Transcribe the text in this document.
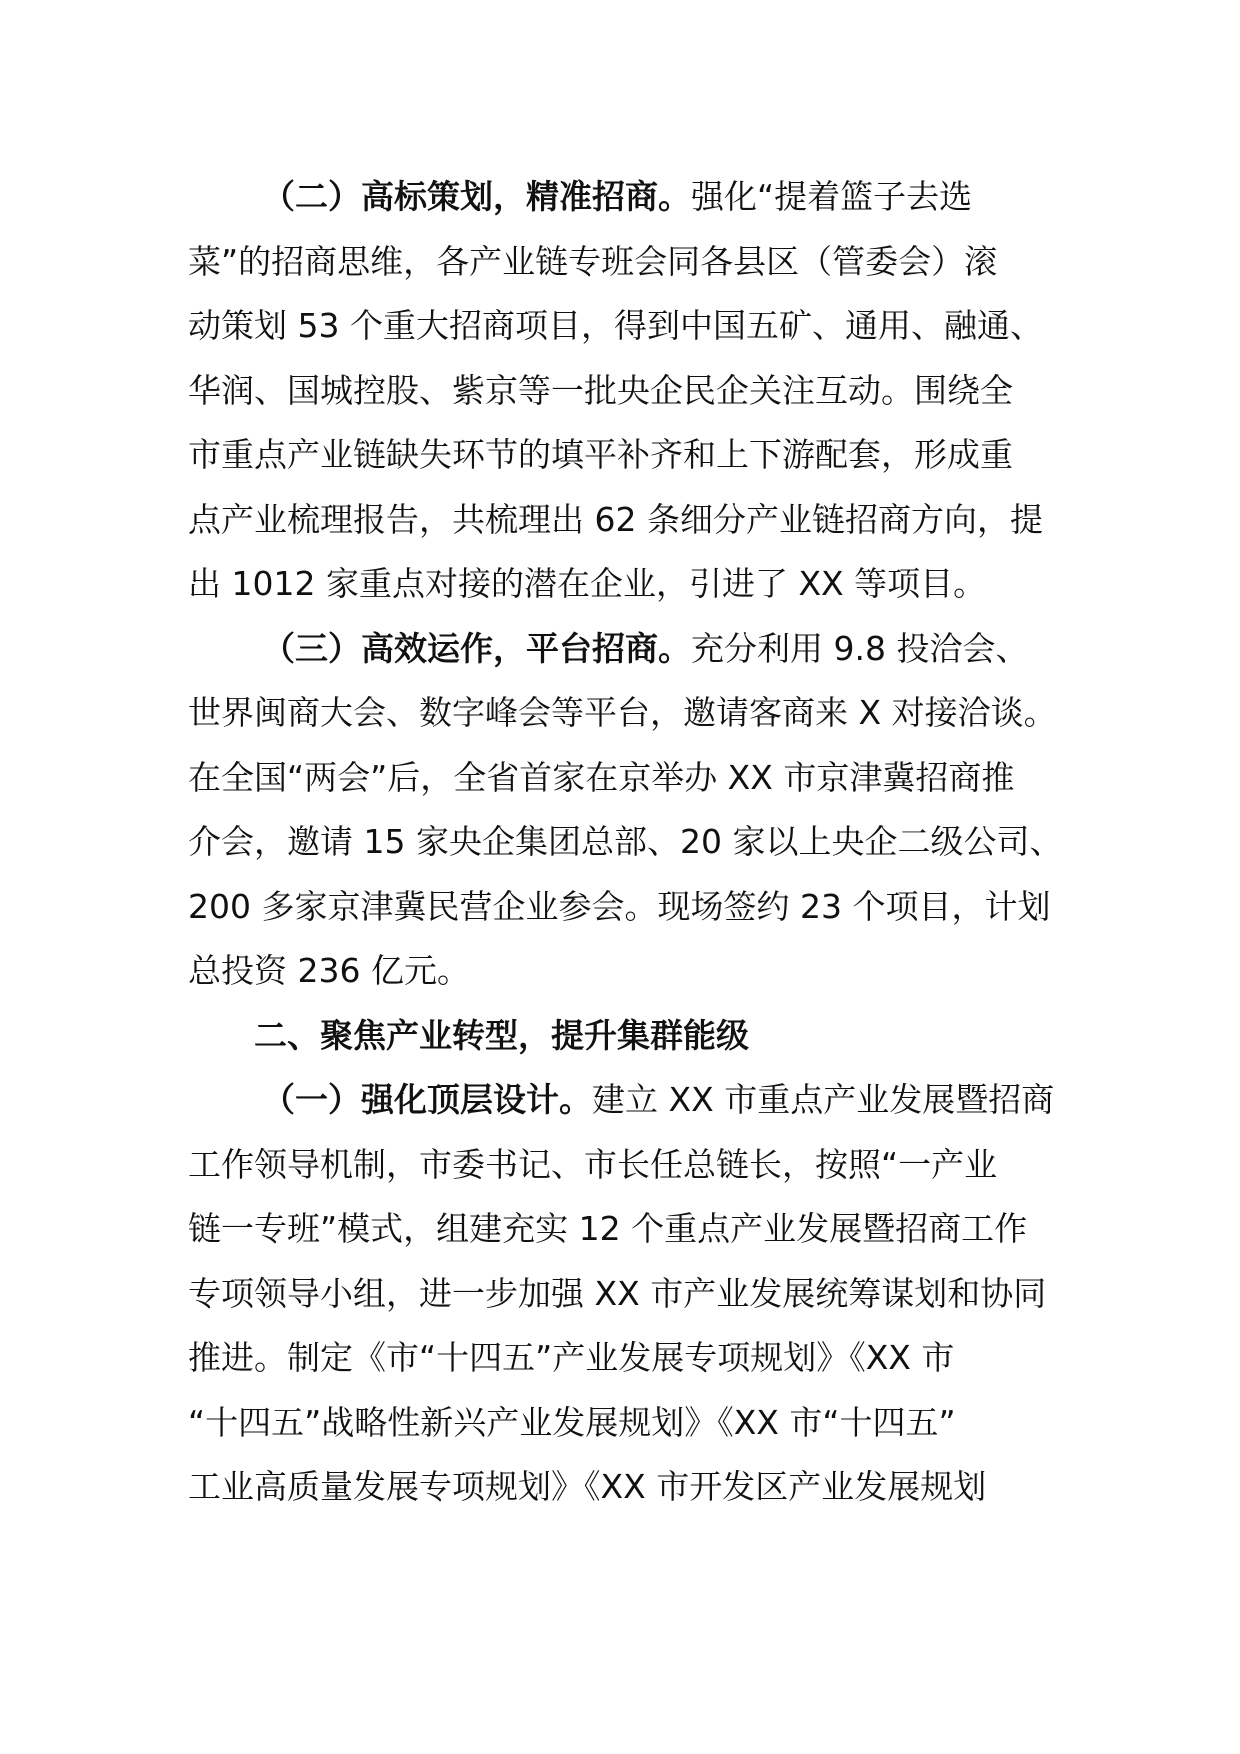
（二）高标策划，精准招商。强化“提着篮子去选
菜”的招商思维，各产业链专班会同各县区（管委会）滚
动策划 53 个重大招商项目，得到中国五矿、通用、融通、
华润、国城控股、紫京等一批央企民企关注互动。围绕全
市重点产业链缺失环节的填平补齐和上下游配套，形成重
点产业梳理报告，共梳理出 62 条细分产业链招商方向，提
出 1012 家重点对接的潜在企业，引进了 XX 等项目。
（三）高效运作，平台招商。充分利用 9.8 投洽会、
世界闽商大会、数字峰会等平台，邀请客商来 X 对接洽谈。
在全国“两会”后，全省首家在京举办 XX 市京津冀招商推
介会，邀请 15 家央企集团总部、20 家以上央企二级公司、
200 多家京津冀民营企业参会。现场签约 23 个项目，计划
总投资 236 亿元。
二、聚焦产业转型，提升集群能级
（一）强化顶层设计。建立 XX 市重点产业发展暨招商
工作领导机制，市委书记、市长任总链长，按照“一产业
链一专班”模式，组建充实 12 个重点产业发展暨招商工作
专项领导小组，进一步加强 XX 市产业发展统筹谋划和协同
推进。制定《市“十四五”产业发展专项规划》《XX 市
“十四五”战略性新兴产业发展规划》《XX 市“十四五”
工业高质量发展专项规划》《XX 市开发区产业发展规划
